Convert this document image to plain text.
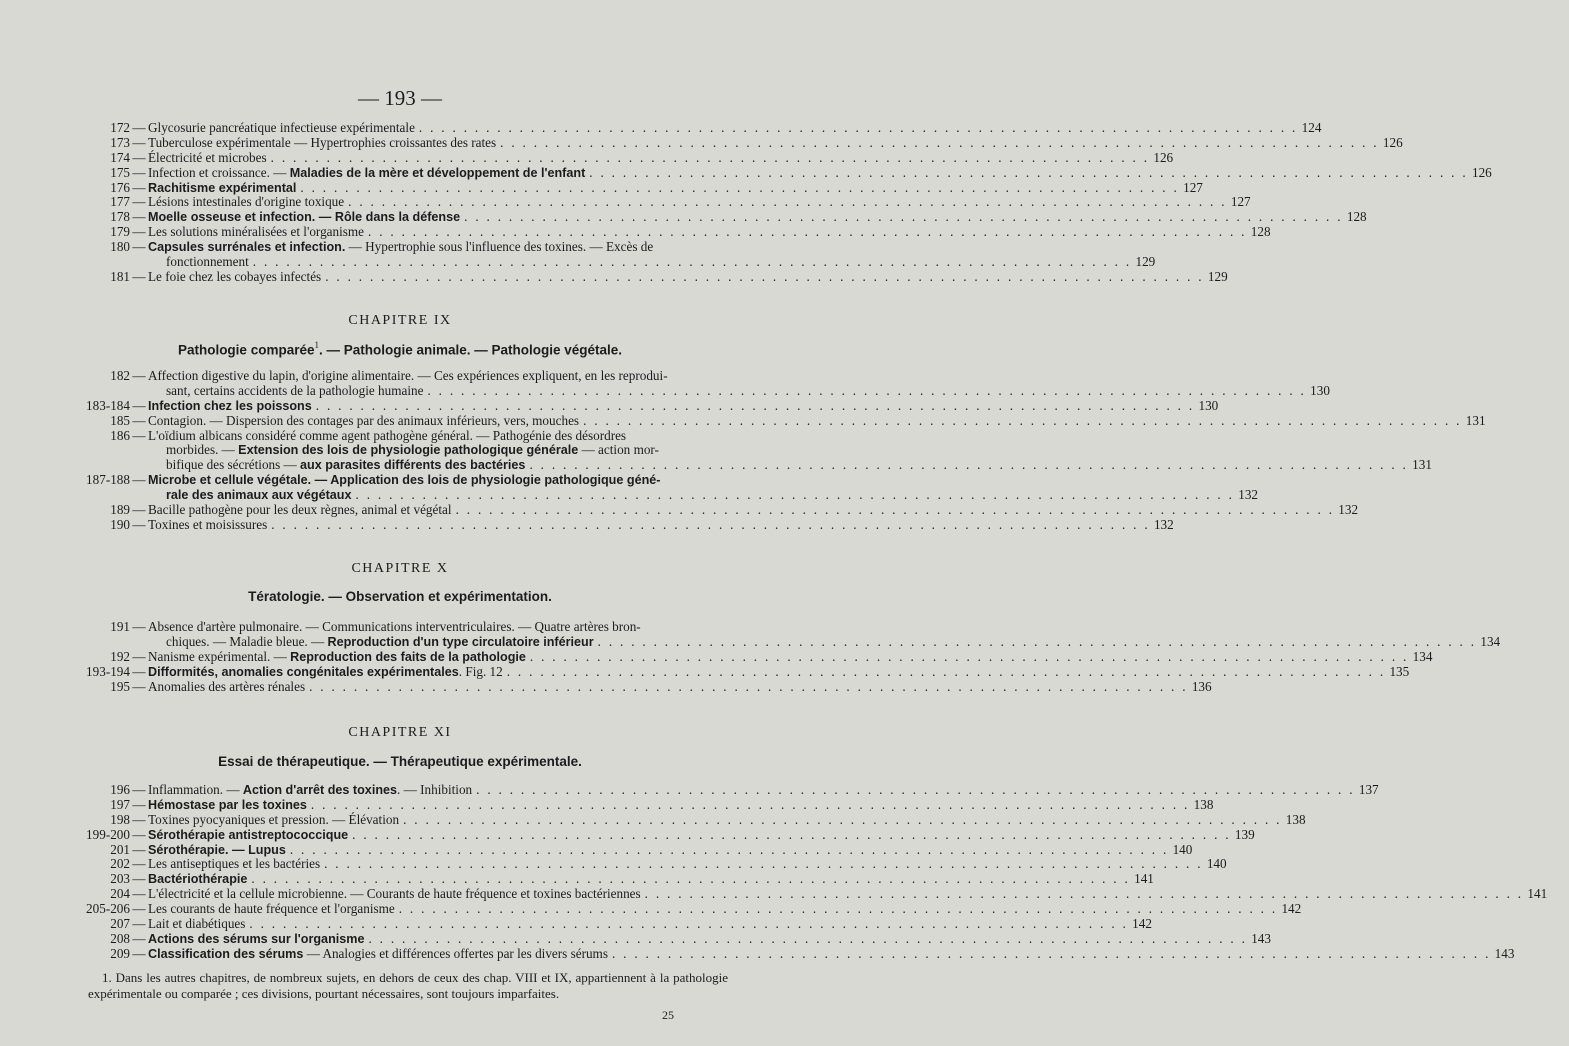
— 193 —
172 — Glycosurie pancréatique infectieuse expérimentale . . . . . . . . . . . . . . . . . . . . . . . . . . . . . . . . . . . . . . . . . . . . . . . . . . . . . . . . . . . . . . . . . . . . . . . . . . . . . . . 124
173 — Tuberculose expérimentale — Hypertrophies croissantes des rates . . . . . . . . . . . . . . . . . . . . . . . . . . . . . . . . . . . . . . . . . . . . . . . . . . . . . . . . . . . . . . . . . . . . . . . . . . . . . . . 126
174 — Électricité et microbes . . . . . . . . . . . . . . . . . . . . . . . . . . . . . . . . . . . . . . . . . . . . . . . . . . . . . . . . . . . . . . . . . . . . . . . . . . . . . . . 126
175 — Infection et croissance. — Maladies de la mère et développement de l'enfant . . . . . . . . . . . . . . . . . . . . . . . . . . . . . . . . . . . . . . . . . . . . . . . . . . . . . . . . . . . . . . . . . . . . . . . . . . . . . . . 126
176 — Rachitisme expérimental . . . . . . . . . . . . . . . . . . . . . . . . . . . . . . . . . . . . . . . . . . . . . . . . . . . . . . . . . . . . . . . . . . . . . . . . . . . . . . . 127
177 — Lésions intestinales d'origine toxique . . . . . . . . . . . . . . . . . . . . . . . . . . . . . . . . . . . . . . . . . . . . . . . . . . . . . . . . . . . . . . . . . . . . . . . . . . . . . . . 127
178 — Moelle osseuse et infection. — Rôle dans la défense . . . . . . . . . . . . . . . . . . . . . . . . . . . . . . . . . . . . . . . . . . . . . . . . . . . . . . . . . . . . . . . . . . . . . . . . . . . . . . . 128
179 — Les solutions minéralisées et l'organisme . . . . . . . . . . . . . . . . . . . . . . . . . . . . . . . . . . . . . . . . . . . . . . . . . . . . . . . . . . . . . . . . . . . . . . . . . . . . . . . 128
180 — Capsules surrénales et infection. — Hypertrophie sous l'influence des toxines. — Excès de
fonctionnement . . . . . . . . . . . . . . . . . . . . . . . . . . . . . . . . . . . . . . . . . . . . . . . . . . . . . . . . . . . . . . . . . . . . . . . . . . . . . . . 129
181 — Le foie chez les cobayes infectés . . . . . . . . . . . . . . . . . . . . . . . . . . . . . . . . . . . . . . . . . . . . . . . . . . . . . . . . . . . . . . . . . . . . . . . . . . . . . . . 129
CHAPITRE IX
Pathologie comparée$^1$. — Pathologie animale. — Pathologie végétale.
182 — Affection digestive du lapin, d'origine alimentaire. — Ces expériences expliquent, en les reprodui-
sant, certains accidents de la pathologie humaine . . . . . . . . . . . . . . . . . . . . . . . . . . . . . . . . . . . . . . . . . . . . . . . . . . . . . . . . . . . . . . . . . . . . . . . . . . . . . . . 130
183-184 — Infection chez les poissons . . . . . . . . . . . . . . . . . . . . . . . . . . . . . . . . . . . . . . . . . . . . . . . . . . . . . . . . . . . . . . . . . . . . . . . . . . . . . . . 130
185 — Contagion. — Dispersion des contages par des animaux inférieurs, vers, mouches . . . . . . . . . . . . . . . . . . . . . . . . . . . . . . . . . . . . . . . . . . . . . . . . . . . . . . . . . . . . . . . . . . . . . . . . . . . . . . . 131
186 — L'oïdium albicans considéré comme agent pathogène général. — Pathogénie des désordres
morbides. — Extension des lois de physiologie pathologique générale — action mor-
bifique des sécrétions — aux parasites différents des bactéries . . . . . . . . . . . . . . . . . . . . . . . . . . . . . . . . . . . . . . . . . . . . . . . . . . . . . . . . . . . . . . . . . . . . . . . . . . . . . . . 131
187-188 — Microbe et cellule végétale. — Application des lois de physiologie pathologique géné-
rale des animaux aux végétaux . . . . . . . . . . . . . . . . . . . . . . . . . . . . . . . . . . . . . . . . . . . . . . . . . . . . . . . . . . . . . . . . . . . . . . . . . . . . . . . 132
189 — Bacille pathogène pour les deux règnes, animal et végétal . . . . . . . . . . . . . . . . . . . . . . . . . . . . . . . . . . . . . . . . . . . . . . . . . . . . . . . . . . . . . . . . . . . . . . . . . . . . . . . 132
190 — Toxines et moisissures . . . . . . . . . . . . . . . . . . . . . . . . . . . . . . . . . . . . . . . . . . . . . . . . . . . . . . . . . . . . . . . . . . . . . . . . . . . . . . . 132
CHAPITRE X
Tératologie. — Observation et expérimentation.
191 — Absence d'artère pulmonaire. — Communications interventriculaires. — Quatre artères bron-
chiques. — Maladie bleue. — Reproduction d'un type circulatoire inférieur . . . . . . . . . . . . . . . . . . . . . . . . . . . . . . . . . . . . . . . . . . . . . . . . . . . . . . . . . . . . . . . . . . . . . . . . . . . . . . . 134
192 — Nanisme expérimental. — Reproduction des faits de la pathologie . . . . . . . . . . . . . . . . . . . . . . . . . . . . . . . . . . . . . . . . . . . . . . . . . . . . . . . . . . . . . . . . . . . . . . . . . . . . . . . 134
193-194 — Difformités, anomalies congénitales expérimentales. Fig. 12 . . . . . . . . . . . . . . . . . . . . . . . . . . . . . . . . . . . . . . . . . . . . . . . . . . . . . . . . . . . . . . . . . . . . . . . . . . . . . . . 135
195 — Anomalies des artères rénales . . . . . . . . . . . . . . . . . . . . . . . . . . . . . . . . . . . . . . . . . . . . . . . . . . . . . . . . . . . . . . . . . . . . . . . . . . . . . . . 136
CHAPITRE XI
Essai de thérapeutique. — Thérapeutique expérimentale.
196 — Inflammation. — Action d'arrêt des toxines. — Inhibition . . . . . . . . . . . . . . . . . . . . . . . . . . . . . . . . . . . . . . . . . . . . . . . . . . . . . . . . . . . . . . . . . . . . . . . . . . . . . . . 137
197 — Hémostase par les toxines . . . . . . . . . . . . . . . . . . . . . . . . . . . . . . . . . . . . . . . . . . . . . . . . . . . . . . . . . . . . . . . . . . . . . . . . . . . . . . . 138
198 — Toxines pyocyaniques et pression. — Élévation . . . . . . . . . . . . . . . . . . . . . . . . . . . . . . . . . . . . . . . . . . . . . . . . . . . . . . . . . . . . . . . . . . . . . . . . . . . . . . . 138
199-200 — Sérothérapie antistreptococcique . . . . . . . . . . . . . . . . . . . . . . . . . . . . . . . . . . . . . . . . . . . . . . . . . . . . . . . . . . . . . . . . . . . . . . . . . . . . . . . 139
201 — Sérothérapie. — Lupus . . . . . . . . . . . . . . . . . . . . . . . . . . . . . . . . . . . . . . . . . . . . . . . . . . . . . . . . . . . . . . . . . . . . . . . . . . . . . . . 140
202 — Les antiseptiques et les bactéries . . . . . . . . . . . . . . . . . . . . . . . . . . . . . . . . . . . . . . . . . . . . . . . . . . . . . . . . . . . . . . . . . . . . . . . . . . . . . . . 140
203 — Bactériothérapie . . . . . . . . . . . . . . . . . . . . . . . . . . . . . . . . . . . . . . . . . . . . . . . . . . . . . . . . . . . . . . . . . . . . . . . . . . . . . . . 141
204 — L'électricité et la cellule microbienne. — Courants de haute fréquence et toxines bactériennes . . . . . . . . . . . . . . . . . . . . . . . . . . . . . . . . . . . . . . . . . . . . . . . . . . . . . . . . . . . . . . . . . . . . . . . . . . . . . . . 141
205-206 — Les courants de haute fréquence et l'organisme . . . . . . . . . . . . . . . . . . . . . . . . . . . . . . . . . . . . . . . . . . . . . . . . . . . . . . . . . . . . . . . . . . . . . . . . . . . . . . . 142
207 — Lait et diabétiques . . . . . . . . . . . . . . . . . . . . . . . . . . . . . . . . . . . . . . . . . . . . . . . . . . . . . . . . . . . . . . . . . . . . . . . . . . . . . . . 142
208 — Actions des sérums sur l'organisme . . . . . . . . . . . . . . . . . . . . . . . . . . . . . . . . . . . . . . . . . . . . . . . . . . . . . . . . . . . . . . . . . . . . . . . . . . . . . . . 143
209 — Classification des sérums — Analogies et différences offertes par les divers sérums . . . . . . . . . . . . . . . . . . . . . . . . . . . . . . . . . . . . . . . . . . . . . . . . . . . . . . . . . . . . . . . . . . . . . . . . . . . . . . . 143

1. Dans les autres chapitres, de nombreux sujets, en dehors de ceux des chap. VIII et IX, appartiennent à la pathologie expérimentale ou comparée ; ces divisions, pourtant nécessaires, sont toujours imparfaites.

25
